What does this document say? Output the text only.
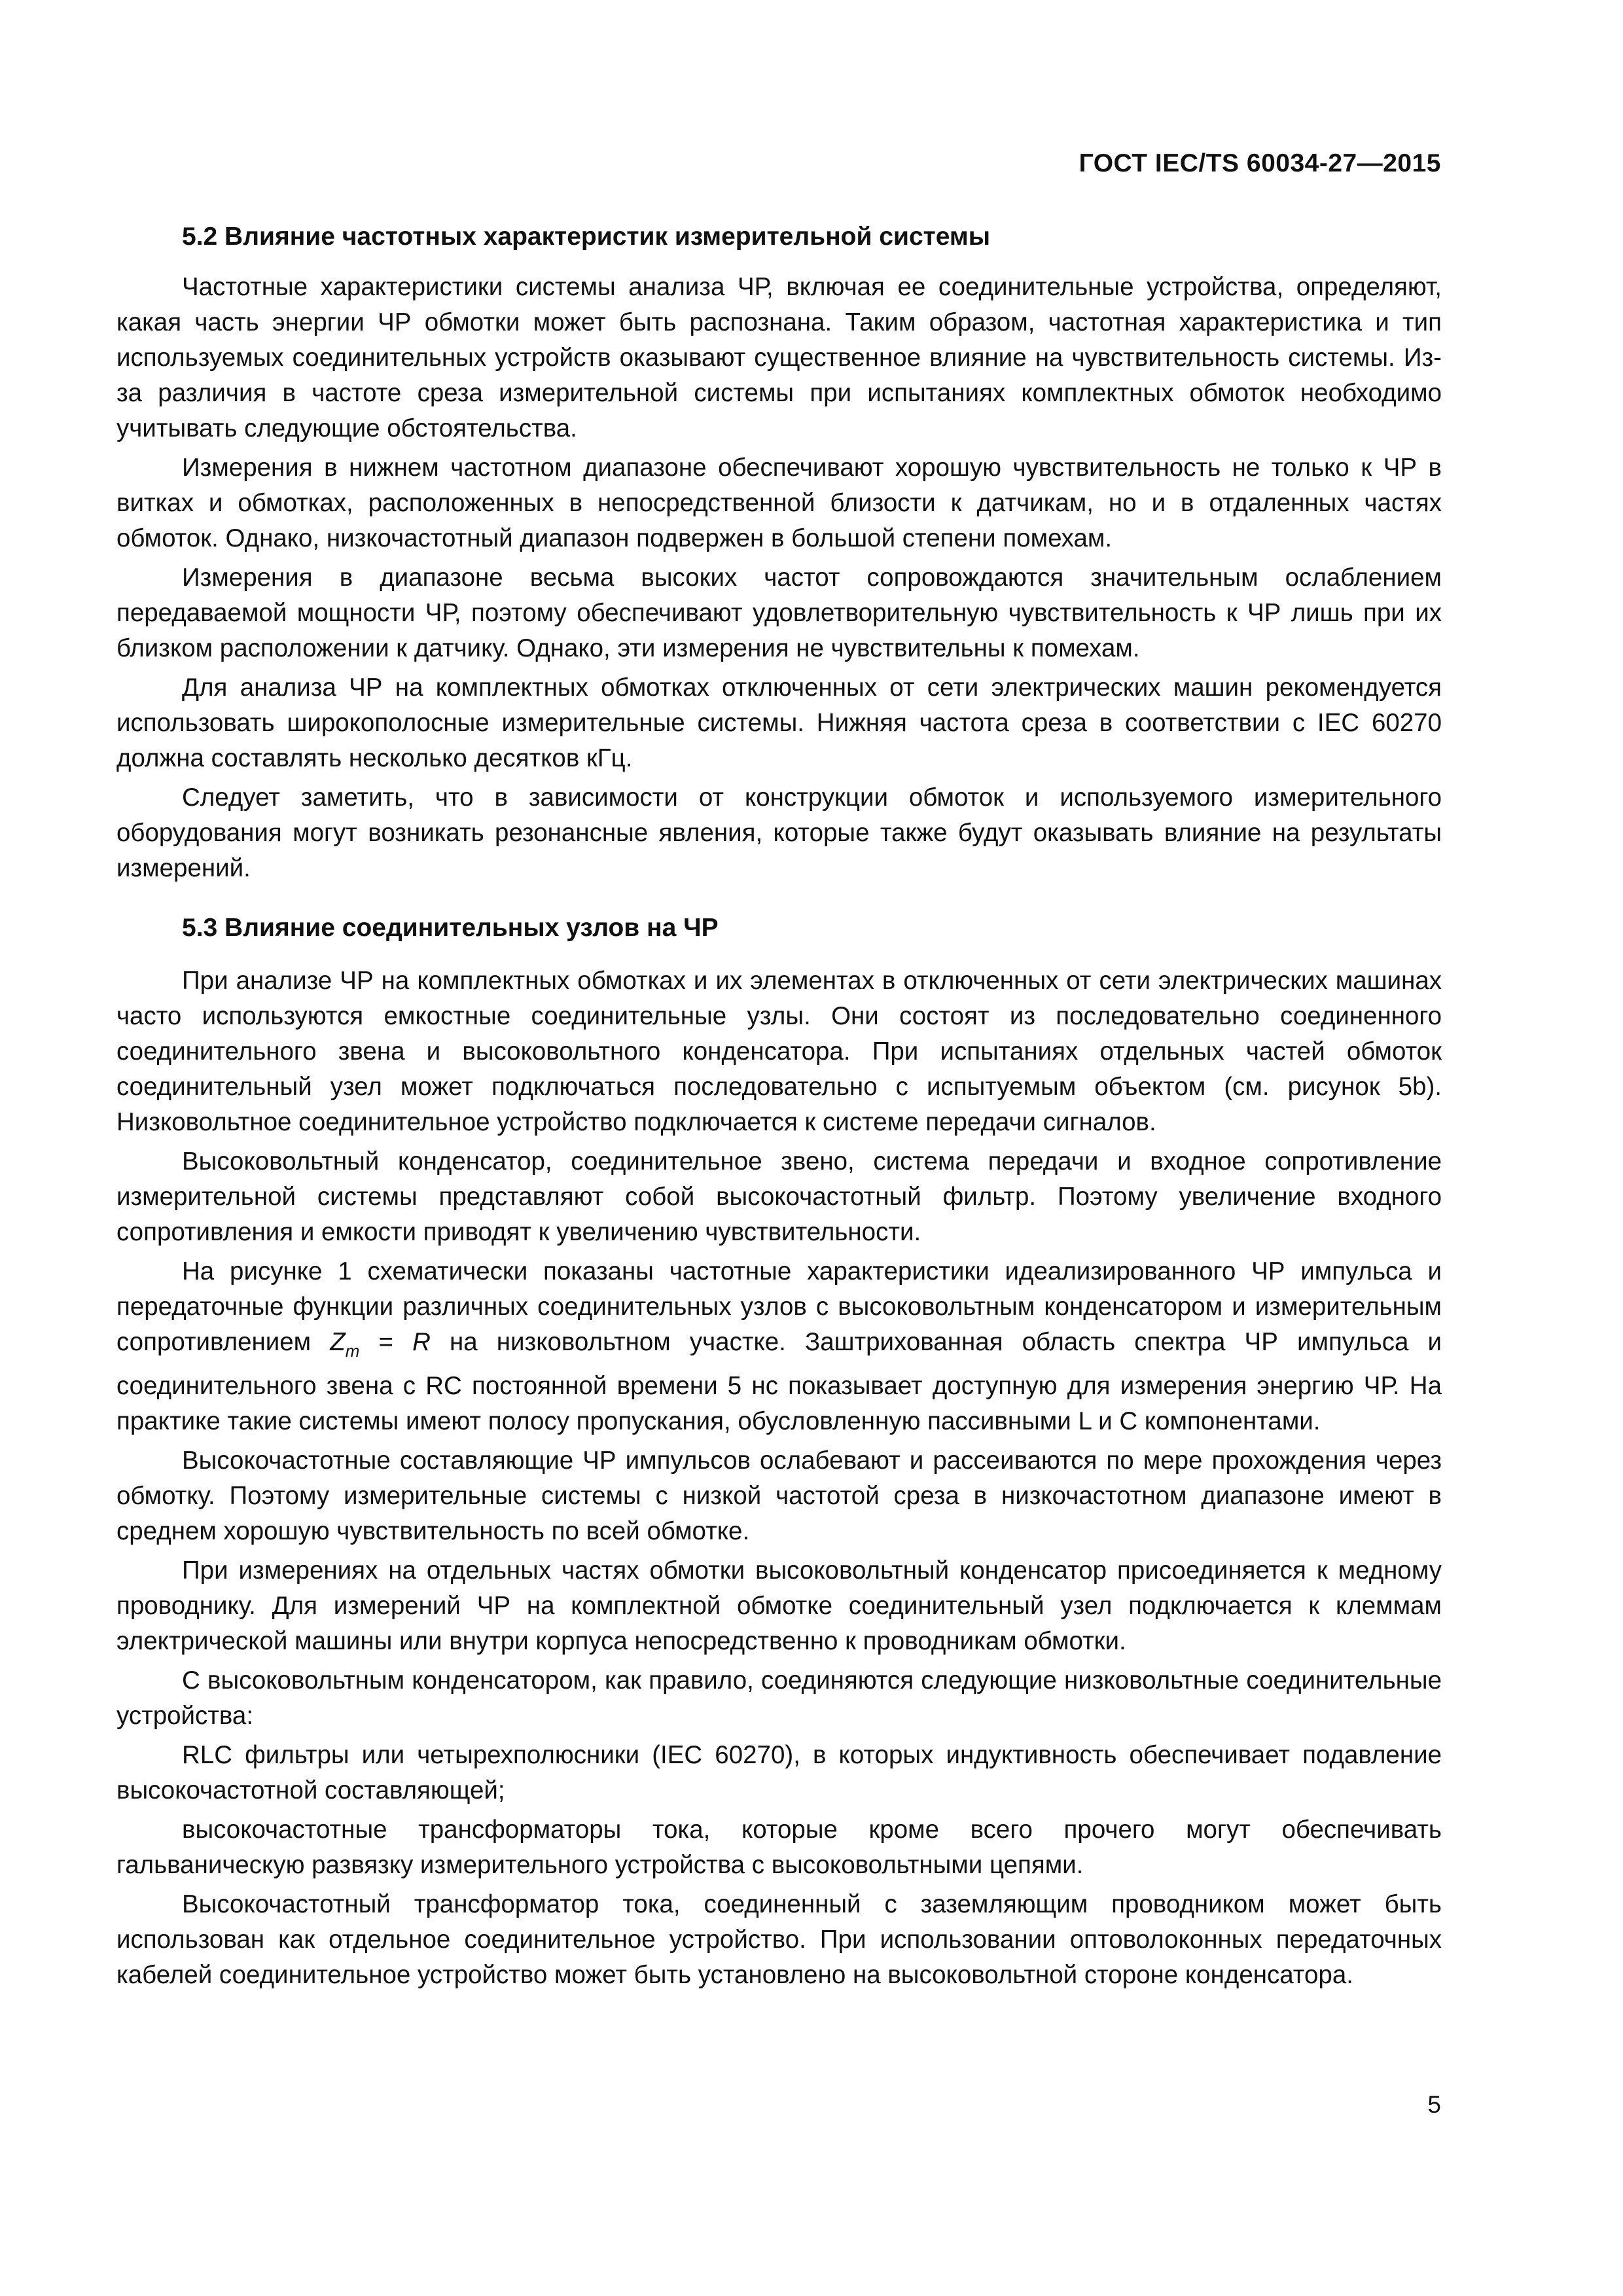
ГОСТ IEC/TS 60034-27—2015
5.2 Влияние частотных характеристик измерительной системы

Частотные характеристики системы анализа ЧР, включая ее соединительные устройства, определяют, какая часть энергии ЧР обмотки может быть распознана. Таким образом, частотная характеристика и тип используемых соединительных устройств оказывают существенное влияние на чувствительность системы. Из-за различия в частоте среза измерительной системы при испытаниях комплектных обмоток необходимо учитывать следующие обстоятельства.

Измерения в нижнем частотном диапазоне обеспечивают хорошую чувствительность не только к ЧР в витках и обмотках, расположенных в непосредственной близости к датчикам, но и в отдаленных частях обмоток. Однако, низкочастотный диапазон подвержен в большой степени помехам.

Измерения в диапазоне весьма высоких частот сопровождаются значительным ослаблением передаваемой мощности ЧР, поэтому обеспечивают удовлетворительную чувствительность к ЧР лишь при их близком расположении к датчику. Однако, эти измерения не чувствительны к помехам.

Для анализа ЧР на комплектных обмотках отключенных от сети электрических машин рекомендуется использовать широкополосные измерительные системы. Нижняя частота среза в соответствии с IEC 60270 должна составлять несколько десятков кГц.

Следует заметить, что в зависимости от конструкции обмоток и используемого измерительного оборудования могут возникать резонансные явления, которые также будут оказывать влияние на результаты измерений.

5.3 Влияние соединительных узлов на ЧР

При анализе ЧР на комплектных обмотках и их элементах в отключенных от сети электрических машинах часто используются емкостные соединительные узлы. Они состоят из последовательно соединенного соединительного звена и высоковольтного конденсатора. При испытаниях отдельных частей обмоток соединительный узел может подключаться последовательно с испытуемым объектом (см. рисунок 5b). Низковольтное соединительное устройство подключается к системе передачи сигналов.

Высоковольтный конденсатор, соединительное звено, система передачи и входное сопротивление измерительной системы представляют собой высокочастотный фильтр. Поэтому увеличение входного сопротивления и емкости приводят к увеличению чувствительности.

На рисунке 1 схематически показаны частотные характеристики идеализированного ЧР импульса и передаточные функции различных соединительных узлов с высоковольтным конденсатором и измерительным сопротивлением $Z_m = R$ на низковольтном участке. Заштрихованная область спектра ЧР импульса и соединительного звена с RC постоянной времени 5 нс показывает доступную для измерения энергию ЧР. На практике такие системы имеют полосу пропускания, обусловленную пассивными L и C компонентами.

Высокочастотные составляющие ЧР импульсов ослабевают и рассеиваются по мере прохождения через обмотку. Поэтому измерительные системы с низкой частотой среза в низкочастотном диапазоне имеют в среднем хорошую чувствительность по всей обмотке.

При измерениях на отдельных частях обмотки высоковольтный конденсатор присоединяется к медному проводнику. Для измерений ЧР на комплектной обмотке соединительный узел подключается к клеммам электрической машины или внутри корпуса непосредственно к проводникам обмотки.

С высоковольтным конденсатором, как правило, соединяются следующие низковольтные соединительные устройства:

RLC фильтры или четырехполюсники (IEC 60270), в которых индуктивность обеспечивает подавление высокочастотной составляющей;

высокочастотные трансформаторы тока, которые кроме всего прочего могут обеспечивать гальваническую развязку измерительного устройства с высоковольтными цепями.

Высокочастотный трансформатор тока, соединенный с заземляющим проводником может быть использован как отдельное соединительное устройство. При использовании оптоволоконных передаточных кабелей соединительное устройство может быть установлено на высоковольтной стороне конденсатора.

5
